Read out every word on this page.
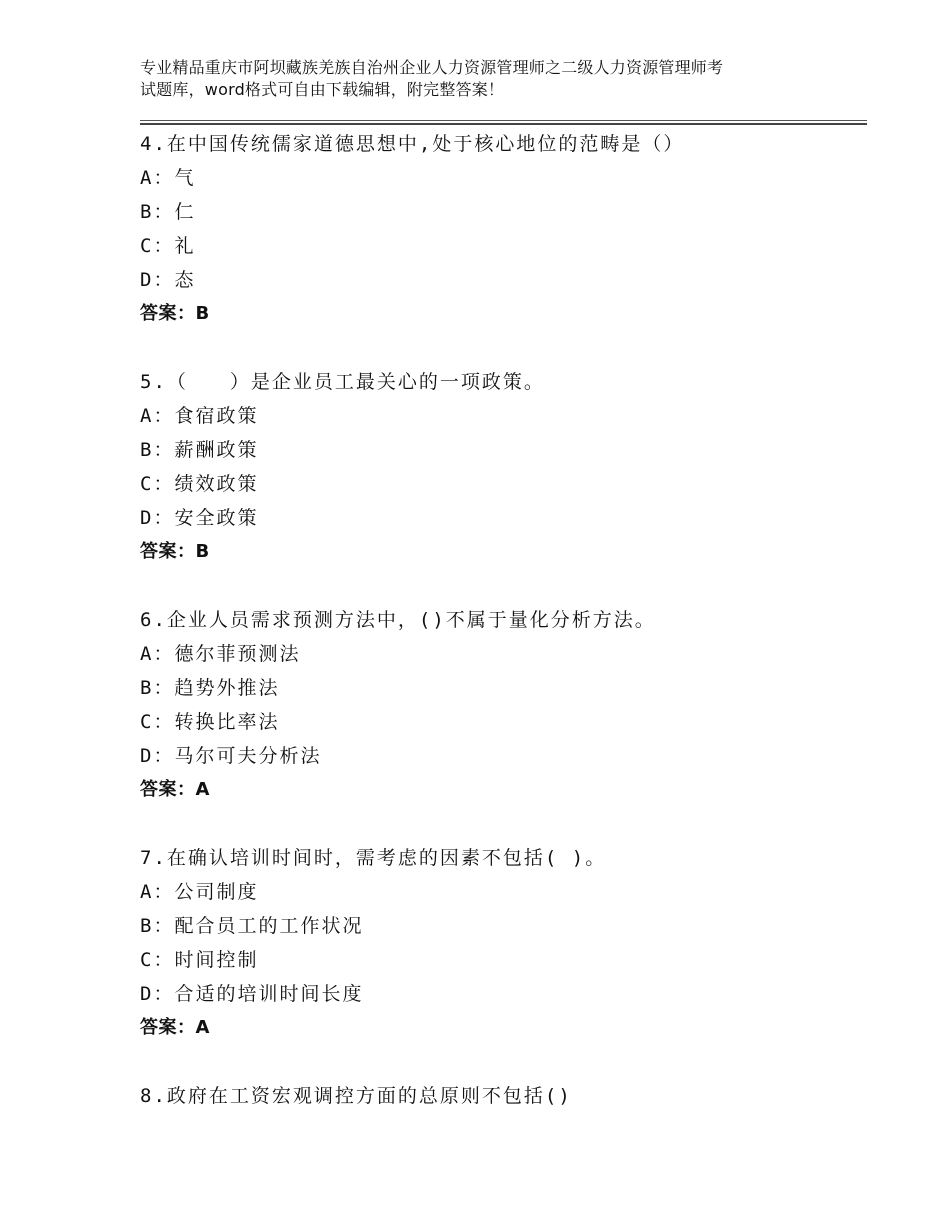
专业精品重庆市阿坝藏族羌族自治州企业人力资源管理师之二级人力资源管理师考
试题库，word格式可自由下载编辑，附完整答案！
4.在中国传统儒家道德思想中,处于核心地位的范畴是（）
A：气
B：仁
C：礼
D：态
答案：B
5.（　　）是企业员工最关心的一项政策。
A：食宿政策
B：薪酬政策
C：绩效政策
D：安全政策
答案：B
6.企业人员需求预测方法中，()不属于量化分析方法。
A：德尔菲预测法
B：趋势外推法
C：转换比率法
D：马尔可夫分析法
答案：A
7.在确认培训时间时，需考虑的因素不包括( )。
A：公司制度
B：配合员工的工作状况
C：时间控制
D：合适的培训时间长度
答案：A
8.政府在工资宏观调控方面的总原则不包括()
